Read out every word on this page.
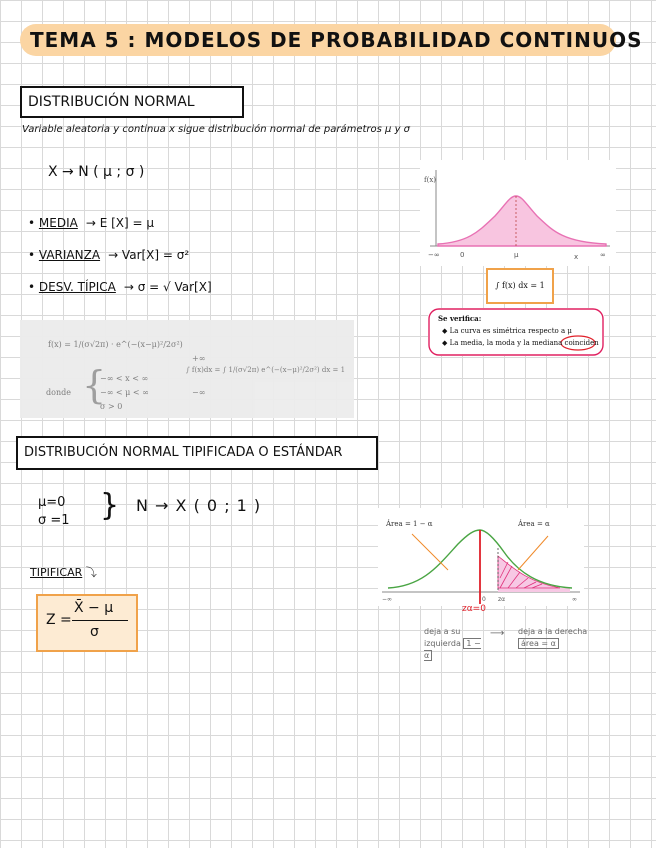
TEMA 5 : MODELOS DE PROBABILIDAD CONTINUOS
DISTRIBUCIÓN NORMAL
Variable aleatoria y continua x sigue distribución normal de parámetros μ y σ
X → N ( μ ; σ )
• MEDIA → E [X] = μ
• VARIANZA → Var[X] = σ²
• DESV. TÍPICA → σ = √ Var[X]
f(x) = 1/(σ√2π) · e^(−(x−μ)²/2σ²)
donde {
−∞ < x < ∞
−∞ < μ < ∞
σ > 0
+∞
∫ f(x)dx = ∫ 1/(σ√2π) e^(−(x−μ)²/2σ²) dx = 1
−∞
f(x)
−∞	0	μ	x	∞
∫ f(x) dx = 1
Se verifica:
◆ La curva es simétrica respecto a μ
◆ La media, la moda y la mediana coinciden
DISTRIBUCIÓN NORMAL TIPIFICADA O ESTÁNDAR
μ=0
σ =1 } N → X ( 0 ; 1 )
TIPIFICAR ⤵
Z =
X̄ − μ
σ
Área = 1 − α	Área = α
−∞	0 zα	∞
zα=0
deja a su izquierda 1 − α
⟶ deja a la derecha área = α
